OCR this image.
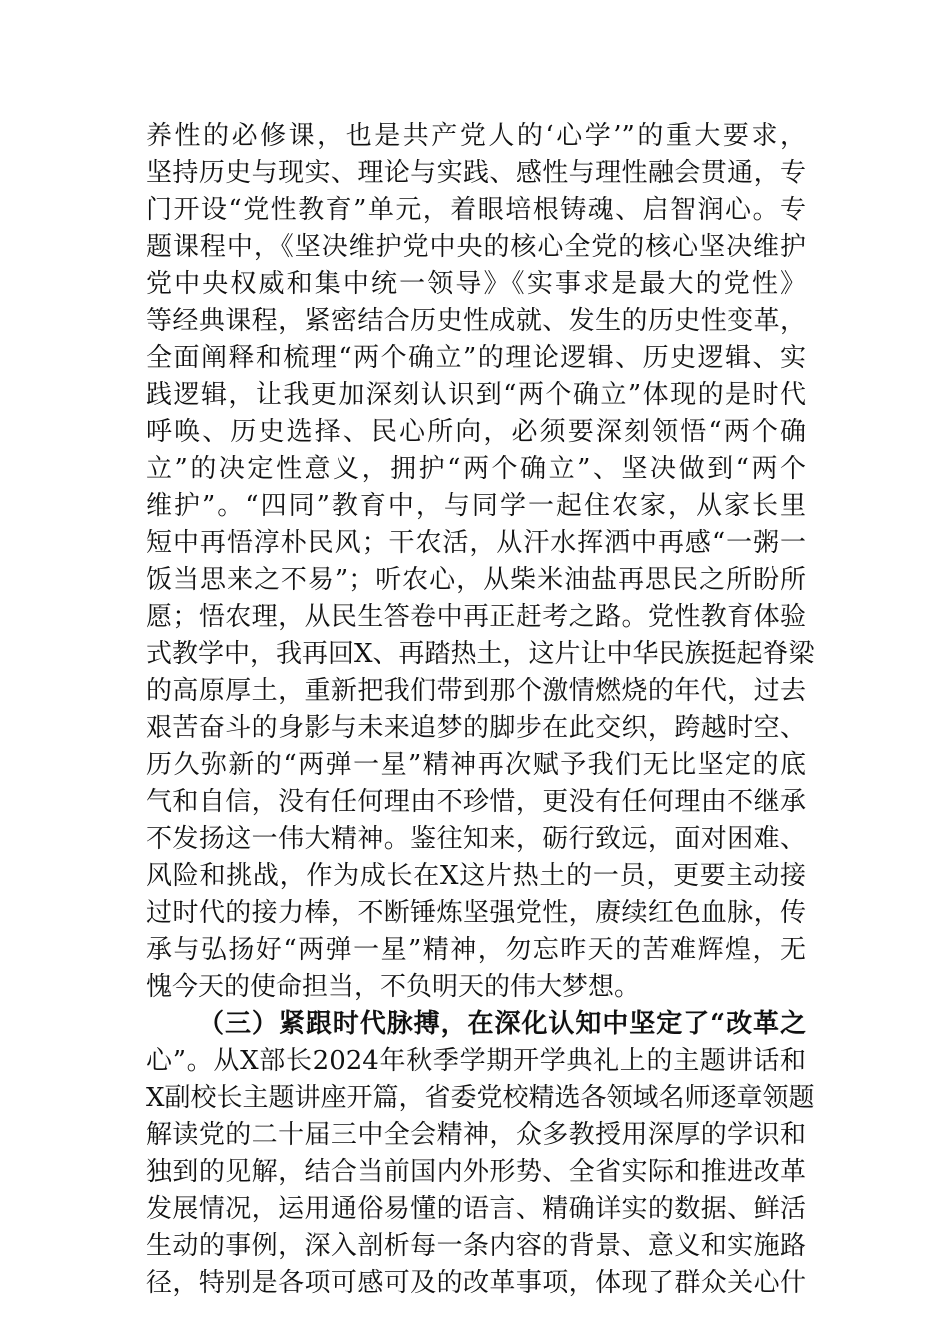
养性的必修课，也是共产党人的‘心学’”的重大要求，
坚持历史与现实、理论与实践、感性与理性融会贯通，专
门开设“党性教育”单元，着眼培根铸魂、启智润心。专
题课程中，《坚决维护党中央的核心全党的核心坚决维护
党中央权威和集中统一领导》《实事求是最大的党性》
等经典课程，紧密结合历史性成就、发生的历史性变革，
全面阐释和梳理“两个确立”的理论逻辑、历史逻辑、实
践逻辑，让我更加深刻认识到“两个确立”体现的是时代
呼唤、历史选择、民心所向，必须要深刻领悟“两个确
立”的决定性意义，拥护“两个确立”、坚决做到“两个
维护”。“四同”教育中，与同学一起住农家，从家长里
短中再悟淳朴民风；干农活，从汗水挥洒中再感“一粥一
饭当思来之不易”；听农心，从柴米油盐再思民之所盼所
愿；悟农理，从民生答卷中再正赶考之路。党性教育体验
式教学中，我再回X、再踏热土，这片让中华民族挺起脊梁
的高原厚土，重新把我们带到那个激情燃烧的年代，过去
艰苦奋斗的身影与未来追梦的脚步在此交织，跨越时空、
历久弥新的“两弹一星”精神再次赋予我们无比坚定的底
气和自信，没有任何理由不珍惜，更没有任何理由不继承
不发扬这一伟大精神。鉴往知来，砺行致远，面对困难、
风险和挑战，作为成长在X这片热土的一员，更要主动接
过时代的接力棒，不断锤炼坚强党性，赓续红色血脉，传
承与弘扬好“两弹一星”精神，勿忘昨天的苦难辉煌，无
愧今天的使命担当，不负明天的伟大梦想。
（三）紧跟时代脉搏，在深化认知中坚定了“改革之
心”。从X部长2024年秋季学期开学典礼上的主题讲话和
X副校长主题讲座开篇，省委党校精选各领域名师逐章领题
解读党的二十届三中全会精神，众多教授用深厚的学识和
独到的见解，结合当前国内外形势、全省实际和推进改革
发展情况，运用通俗易懂的语言、精确详实的数据、鲜活
生动的事例，深入剖析每一条内容的背景、意义和实施路
径，特别是各项可感可及的改革事项，体现了群众关心什
